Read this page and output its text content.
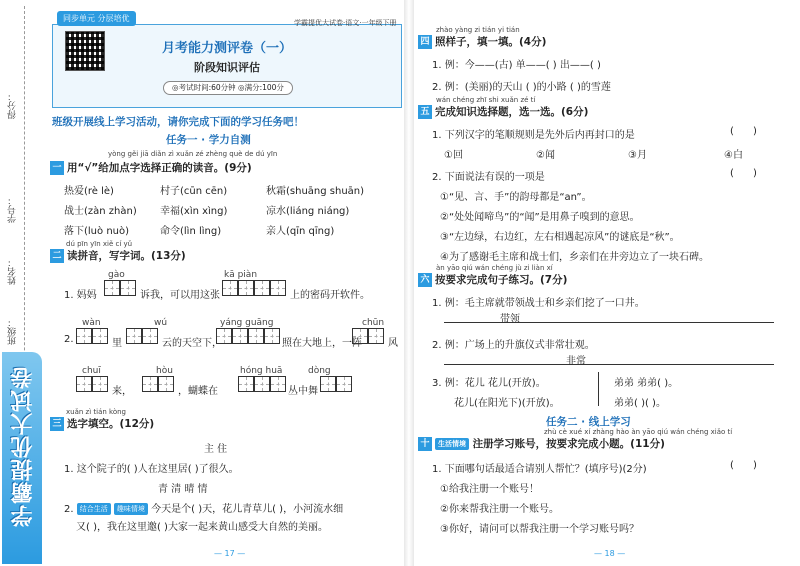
得分：
学号：
姓名：
班级：
学霸提优大试卷
同步单元 分层培优
月考能力测评卷（一）
阶段知识评估
◎考试时间:60分钟 ◎满分:100分
班级开展线上学习活动，请你完成下面的学习任务吧！
任务一 · 学力自测
yòng gěi jiā diǎn zì xuǎn zé zhèng què de dú yīn
一 用“√”给加点字选择正确的读音。(9分)
热爱(rè lè)	村子(cūn cēn)	秋霜(shuāng shuān)
战士(zàn zhàn) 幸福(xìn xìng)	凉水(liáng niáng)
落下(luò nuò)	命令(lìn lìng)	亲人(qīn qīng)
dú pīn yīn xiě cí yǔ
二 读拼音，写字词。(13分)
gào	kā piàn
1. 妈妈	诉我，可以用这张	上的密码开软件。
wàn	wú	yáng guāng	chūn
2.	里	云的天空下，	照在大地上，一阵	风
chuī	hòu	hóng huā	dòng
来，	，蝴蝶在	丛中舞
xuǎn zì tián kòng
三 选字填空。(12分)
主 住
1. 这个院子的( )人在这里居( )了很久。
青 清 晴 情
2. 结合生活 趣味情境 今天是个( )天，花儿青草儿( )，小河流水细
又( )，我在这里邀( )大家一起来黄山感受大自然的美丽。
— 17 —
学霸提优大试卷·语文·一年级下册
zhào yàng zi tián yi tián
四 照样子，填一填。(4分)
1. 例：今——(古) 单——( ) 出——( )
2. 例：(美丽)的天山 ( )的小路 ( )的雪莲
wán chéng zhī shi xuǎn zé tí
五 完成知识选择题，选一选。(6分)
1. 下列汉字的笔顺规则是先外后内再封口的是	(      )
①回	②闻	③月	④白
2. 下面说法有误的一项是	(      )
①“见、言、手”的韵母都是“an”。
②“处处闻啼鸟”的“闻”是用鼻子嗅到的意思。
③“左边绿，右边红，左右相遇起凉风”的谜底是“秋”。
④为了感谢毛主席和战士们，乡亲们在井旁边立了一块石碑。
àn yāo qiú wán chéng jù zi liàn xí
六 按要求完成句子练习。(7分)
1. 例：毛主席就带领战士和乡亲们挖了一口井。
带领
2. 例：广场上的升旗仪式非常壮观。
非常
3. 例：花儿 花儿(开放)。	弟弟 弟弟( )。
花儿(在阳光下)(开放)。	弟弟( )( )。
任务二 · 线上学习
zhù cè xué xí zhàng hào àn yāo qiú wán chéng xiǎo tí
十 生活情境 注册学习账号，按要求完成小题。(11分)
1. 下面哪句话最适合请别人帮忙？(填序号)(2分)	(      )
①给我注册一个账号！
②你来帮我注册一个账号。
③你好，请问可以帮我注册一个学习账号吗？
— 18 —
